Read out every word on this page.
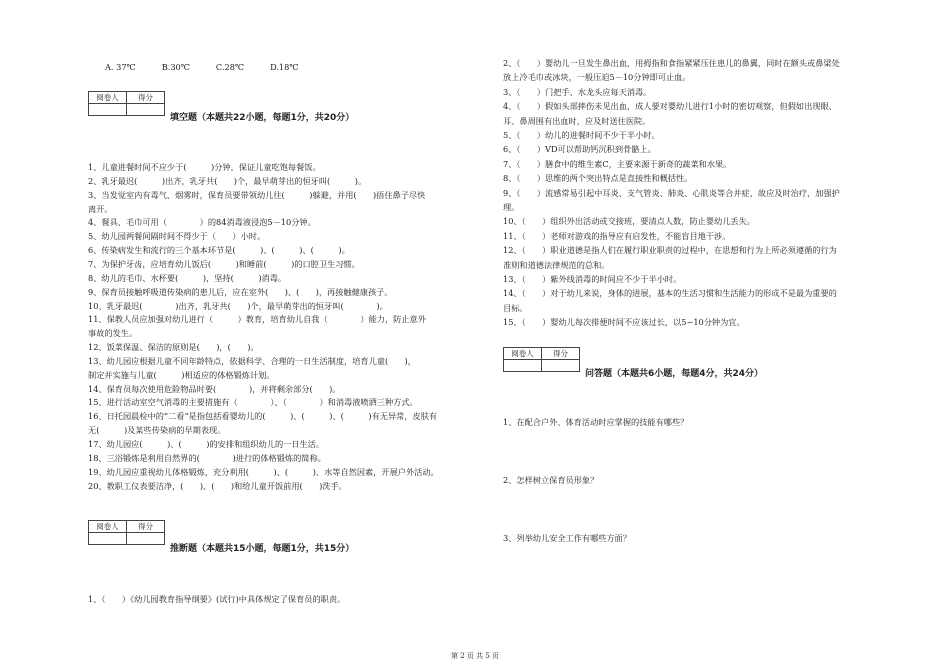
A. 37℃	B.30℃	C.28℃	D.18℃
阅卷人	得分

填空题（本题共22小题，每题1分，共20分）
1、儿童进餐时间不应少于(　　　)分钟，保证儿童吃饱每餐饭。
2、乳牙最迟(　　　)出齐，乳牙共(　　)个，最早萌芽出的恒牙叫(　　　)。
3、当发觉室内有毒气、烟雾时，保育员要带领幼儿往(　　　)躲避，并用(　　)捂住鼻子尽快
离开。
4、餐具、毛巾可用（　　　　）的84消毒液浸泡5－10分钟。
5、幼儿园两餐间隔时间不得少于（　　）小时。
6、传染病发生和流行的三个基本环节是(　　　)、(　　　)、(　　　)。
7、为保护牙齿，应培育幼儿饭后(　　　)和睡前(　　　)的口腔卫生习惯。
8、幼儿的毛巾、水杯要(　　　)，坚持(　　　)消毒。
9、保育员接触呼吸道传染病的患儿后，应在室外(　　)、(　　)，再接触健康孩子。
10、乳牙最迟(　　　　)出齐，乳牙共(　　)个，最早萌芽出的恒牙叫(　　　　)。
11、保教人员应加强对幼儿进行（　　　）教育，培育幼儿自我（　　　　）能力，防止意外
事故的发生。
12、饭菜保温、保洁的原则是(　　)，(　　)。
13、幼儿园应根据儿童不同年龄特点，依据科学、合理的一日生活制度，培育儿童(　　)，
制定并实施与儿童(　　　)相适应的体格锻炼计划。
14、保育员每次使用危险物品时要(　　　　)，并将剩余部分(　　)。
15、进行活动室空气消毒的主要措施有（　　　　）、（　　　　）和消毒液喷洒三种方式。
16、日托园晨检中的“二看”是指包括看婴幼儿的(　　　)、(　　　)、(　　　)有无异常，皮肤有
无(　　　)及某些传染病的早期表现。
17、幼儿园应(　　　)、(　　　)的安排和组织幼儿的一日生活。
18、三浴锻炼是利用自然界的(　　　　)进行的体格锻炼的简称。
19、幼儿园应重视幼儿体格锻炼，充分利用(　　　)、(　　　)、水等自然因素，开展户外活动。
20、教职工仪表要洁净，(　　)、(　　)和给儿童开饭前用(　　)洗手。
阅卷人	得分

推断题（本题共15小题，每题1分，共15分）
1、（　　）《幼儿园教育指导纲要》(试行)中具体规定了保育员的职责。
2、（　　）婴幼儿一旦发生鼻出血，用拇指和食指紧紧压住患儿的鼻翼，同时在额头或鼻梁处
放上冷毛巾或冰块，一般压迫5－10分钟即可止血。
3、（　　）门把手、水龙头应每天消毒。
4、（　　）假如头部摔伤未见出血，成人要对婴幼儿进行1小时的密切观察，但假如出现眼、
耳、鼻周围有出血时，应及时送往医院。
5、（　　）幼儿的进餐时间不少于半小时。
6、（　　）VD可以帮助钙沉积到骨骼上。
7、（　　）膳食中的维生素C，主要来源于新奇的蔬菜和水果。
8、（　　）思维的两个突出特点是直接性和概括性。
9、（　　）流感常易引起中耳炎、支气管炎、肺炎、心肌炎等合并症，故应及时治疗，加强护
理。
10、（　　）组织外出活动或交接班，要清点人数，防止婴幼儿丢失。
11、（　　）老师对游戏的指导应有启发性，不能盲目地干涉。
12、（　　）职业道德是指人们在履行职业职责的过程中，在思想和行为上所必须遵循的行为
准则和道德法律规范的总和。
13、（　　）紫外线消毒的时间应不少于半小时。
14、（　　）对于幼儿来说，身体的进展，基本的生活习惯和生活能力的形成不是最为重要的
目标。
15、（　　）婴幼儿每次排便时间不应该过长，以5~10分钟为宜。
阅卷人	得分

问答题（本题共6小题，每题4分，共24分）
1、在配合户外、体育活动时应掌握的技能有哪些？
2、怎样树立保育员形象？
3、列举幼儿安全工作有哪些方面？
第 2 页 共 5 页
